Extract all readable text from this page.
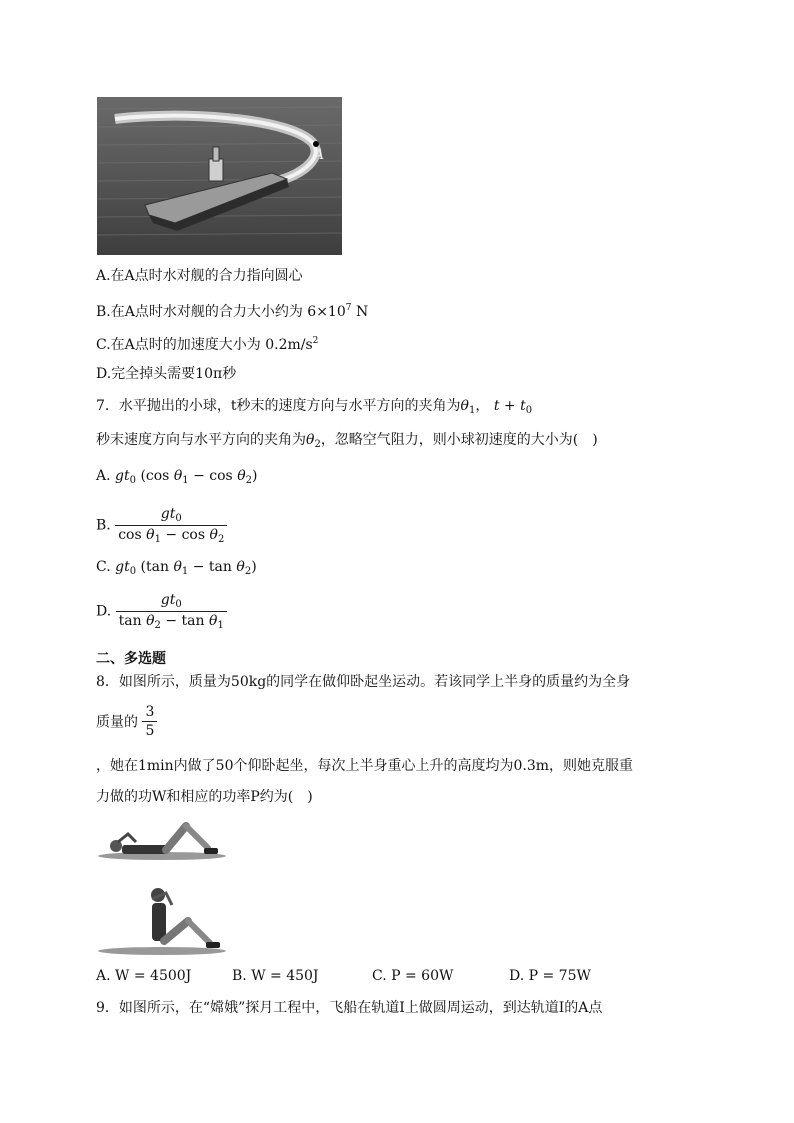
A
A.在A点时水对舰的合力指向圆心
B.在A点时水对舰的合力大小约为 $6\times 10^7$ N
C.在A点时的加速度大小为 $0.2m/s^2$
D.完全掉头需要10π秒
7．水平抛出的小球，t秒末的速度方向与水平方向的夹角为$\theta_1$， $t + t_0$
秒末速度方向与水平方向的夹角为$\theta_2$，忽略空气阻力，则小球初速度的大小为(　)
A. $gt_0$ (cos $\theta_1 - \cos \theta_2$)
B. $\frac{gt_0}{\cos \theta_1 - \cos \theta_2}$
C. $gt_0$ (tan $\theta_1 - \tan \theta_2$)
D. $\frac{gt_0}{\tan \theta_2 - \tan \theta_1}$
二、多选题
8．如图所示，质量为50kg的同学在做仰卧起坐运动。若该同学上半身的质量约为全身
质量的 $\frac{3}{5}$
，她在1min内做了50个仰卧起坐，每次上半身重心上升的高度均为0.3m，则她克服重
力做的功W和相应的功率P约为(　)
A. W = 4500J	B. W = 450J	C. P = 60W	D. P = 75W
9．如图所示，在“嫦娥”探月工程中，飞船在轨道Ⅰ上做圆周运动，到达轨道Ⅰ的A点
